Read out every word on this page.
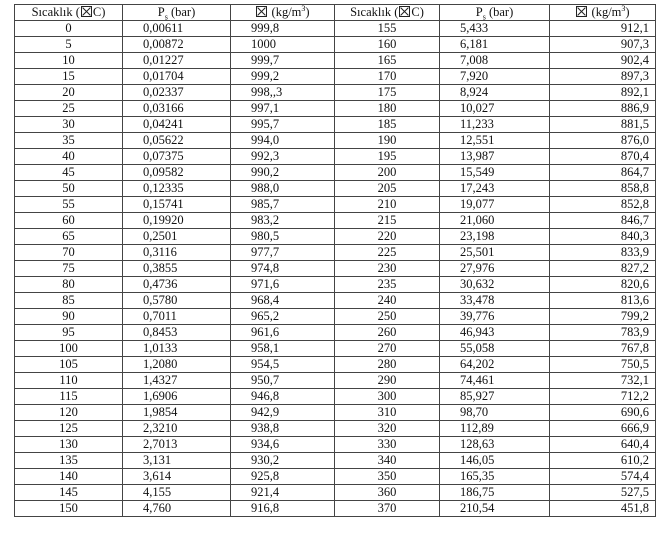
Sıcaklık ( C)	$P_s$ (bar)	$(kg/m^3)$	Sıcaklık ( C)	$P_s$ (bar)	$(kg/m^3)$
0	0,00611	999,8	155	5,433	912,1
5	0,00872	1000	160	6,181	907,3
10	0,01227	999,7	165	7,008	902,4
15	0,01704	999,2	170	7,920	897,3
20	0,02337	998,,3	175	8,924	892,1
25	0,03166	997,1	180	10,027	886,9
30	0,04241	995,7	185	11,233	881,5
35	0,05622	994,0	190	12,551	876,0
40	0,07375	992,3	195	13,987	870,4
45	0,09582	990,2	200	15,549	864,7
50	0,12335	988,0	205	17,243	858,8
55	0,15741	985,7	210	19,077	852,8
60	0,19920	983,2	215	21,060	846,7
65	0,2501	980,5	220	23,198	840,3
70	0,3116	977,7	225	25,501	833,9
75	0,3855	974,8	230	27,976	827,2
80	0,4736	971,6	235	30,632	820,6
85	0,5780	968,4	240	33,478	813,6
90	0,7011	965,2	250	39,776	799,2
95	0,8453	961,6	260	46,943	783,9
100	1,0133	958,1	270	55,058	767,8
105	1,2080	954,5	280	64,202	750,5
110	1,4327	950,7	290	74,461	732,1
115	1,6906	946,8	300	85,927	712,2
120	1,9854	942,9	310	98,70	690,6
125	2,3210	938,8	320	112,89	666,9
130	2,7013	934,6	330	128,63	640,4
135	3,131	930,2	340	146,05	610,2
140	3,614	925,8	350	165,35	574,4
145	4,155	921,4	360	186,75	527,5
150	4,760	916,8	370	210,54	451,8
